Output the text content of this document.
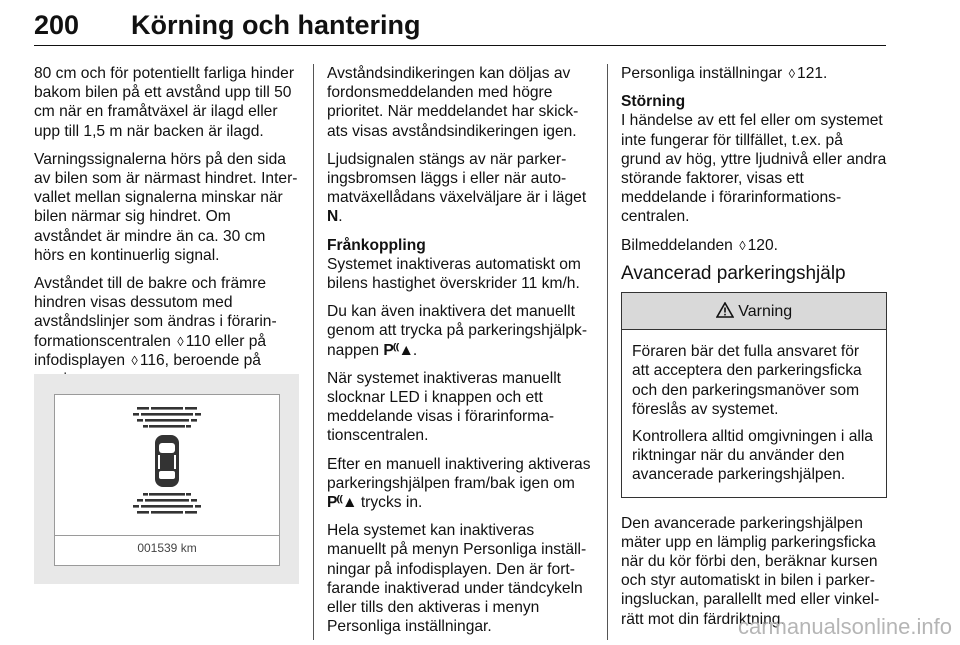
200 Körning och hantering

80 cm och för potentiellt farliga hinder bakom bilen på ett avstånd upp till 50 cm när en framåtväxel är ilagd eller upp till 1,5 m när backen är ilagd.

Varningssignalerna hörs på den sida av bilen som är närmast hindret. Intervallet mellan signalerna minskar när bilen närmar sig hindret. Om avståndet är mindre än ca. 30 cm hörs en kontinuerlig signal.

Avståndet till de bakre och främre hindren visas dessutom med avståndslinjer som ändras i förarinformationscentralen ◊ 110 eller på infodisplayen ◊ 116, beroende på

001539 km

Avståndsindikeringen kan döljas av fordonsmeddelanden med högre prioritet. När meddelandet har skickats visas avståndsindikeringen igen.

Ljudsignalen stängs av när parkeringsbromsen läggs i eller när automatväxellådans växelväljare är i läget N.

Frånkoppling

Systemet inaktiveras automatiskt om bilens hastighet överskrider 11 km/h.

Du kan även inaktivera det manuellt genom att trycka på parkeringshjälpknappen P⁽⁽▲.

När systemet inaktiveras manuellt slocknar LED i knappen och ett meddelande visas i förarinformationscentralen.

Efter en manuell inaktivering aktiveras parkeringshjälpen fram/bak igen om P⁽⁽▲ trycks in.

Hela systemet kan inaktiveras manuellt på menyn Personliga inställningar på infodisplayen. Den är fortfarande inaktiverad under tändcykeln eller tills den aktiveras i menyn Personliga inställningar.

Personliga inställningar ◊ 121.

Störning

I händelse av ett fel eller om systemet inte fungerar för tillfället, t.ex. på grund av hög, yttre ljudnivå eller andra störande faktorer, visas ett meddelande i förarinformationscentralen.

Bilmeddelanden ◊ 120.

Avancerad parkeringshjälp

Varning

Föraren bär det fulla ansvaret för att acceptera den parkeringsficka och den parkeringsmanöver som föreslås av systemet.

Kontrollera alltid omgivningen i alla riktningar när du använder den avancerade parkeringshjälpen.

Den avancerade parkeringshjälpen mäter upp en lämplig parkeringsficka när du kör förbi den, beräknar kursen och styr automatiskt in bilen i parkeringsluckan, parallellt med eller vinkelrätt mot din färdriktning.

carmanualsonline.info
